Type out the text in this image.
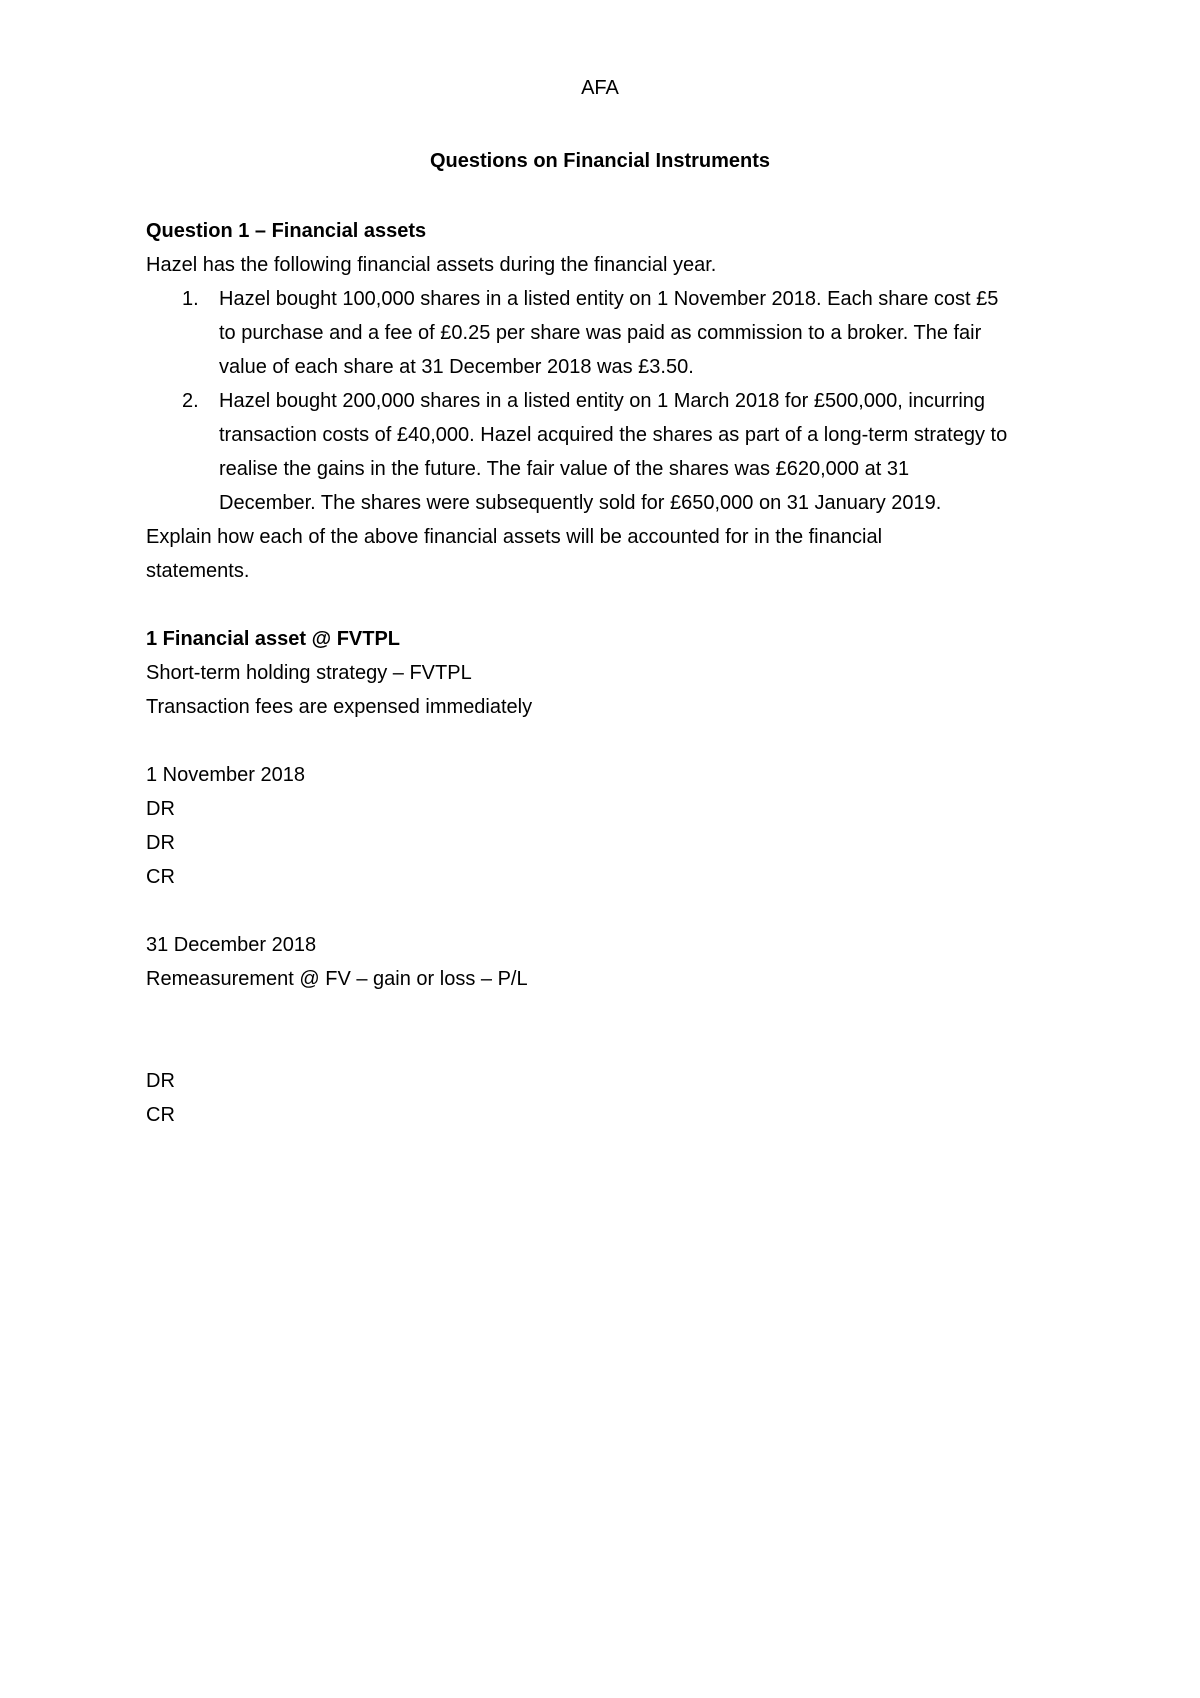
AFA
Questions on Financial Instruments
Question 1 – Financial assets
Hazel has the following financial assets during the financial year.
1. Hazel bought 100,000 shares in a listed entity on 1 November 2018. Each share cost £5 to purchase and a fee of £0.25 per share was paid as commission to a broker. The fair value of each share at 31 December 2018 was £3.50.
2. Hazel bought 200,000 shares in a listed entity on 1 March 2018 for £500,000, incurring transaction costs of £40,000. Hazel acquired the shares as part of a long-term strategy to realise the gains in the future. The fair value of the shares was £620,000 at 31 December. The shares were subsequently sold for £650,000 on 31 January 2019.
Explain how each of the above financial assets will be accounted for in the financial statements.
1 Financial asset @ FVTPL
Short-term holding strategy – FVTPL
Transaction fees are expensed immediately
1 November 2018
DR
DR
CR
31 December 2018
Remeasurement @ FV – gain or loss – P/L
DR
CR
